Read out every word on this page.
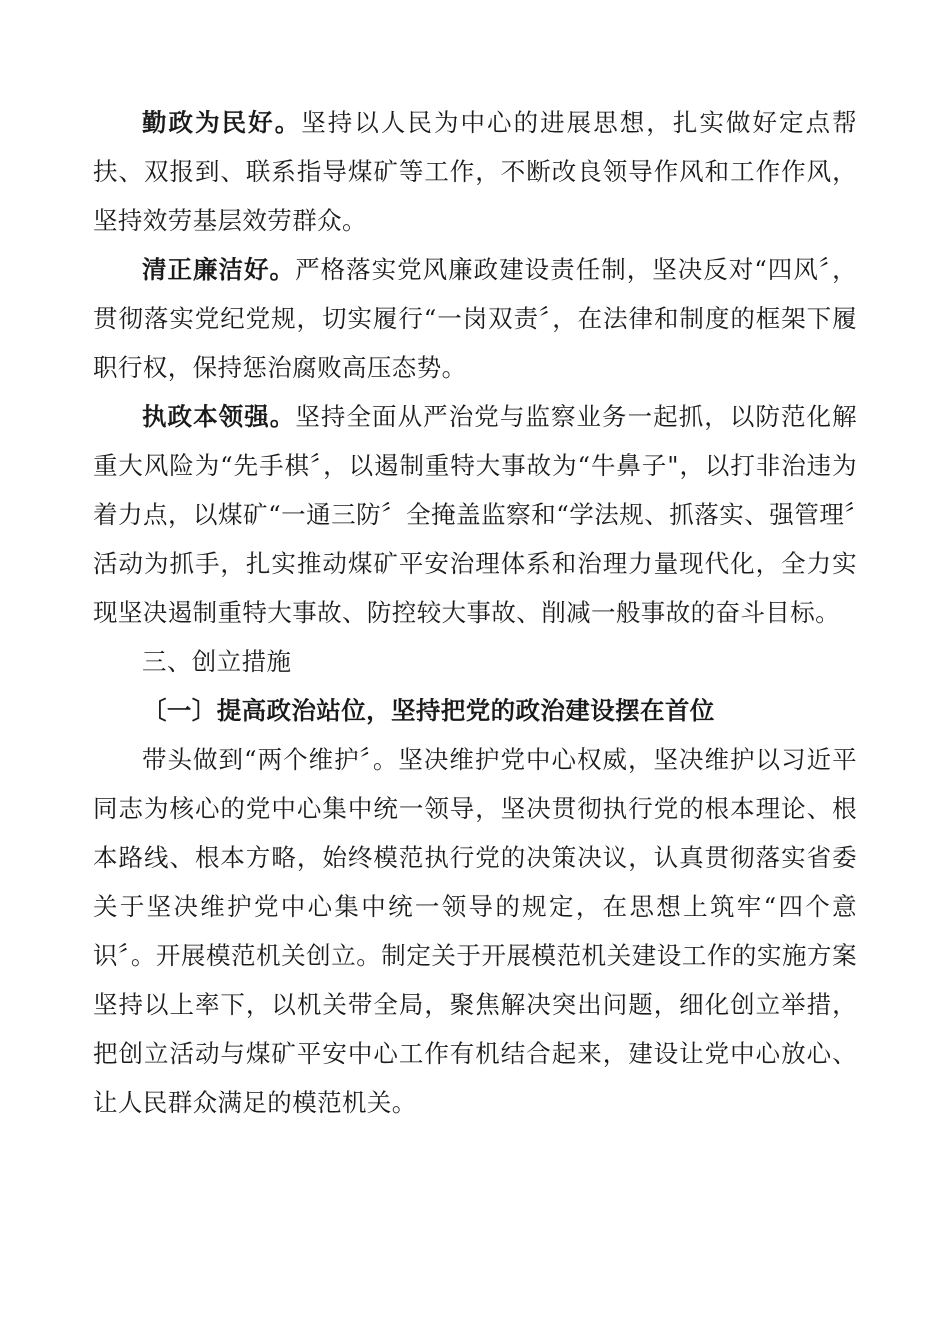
勤政为民好。坚持以人民为中心的进展思想，扎实做好定点帮扶、双报到、联系指导煤矿等工作，不断改良领导作风和工作作风，坚持效劳基层效劳群众。

清正廉洁好。严格落实党风廉政建设责任制，坚决反对“四风〞，贯彻落实党纪党规，切实履行“一岗双责〞，在法律和制度的框架下履职行权，保持惩治腐败高压态势。

执政本领强。坚持全面从严治党与监察业务一起抓，以防范化解重大风险为“先手棋〞，以遏制重特大事故为“牛鼻子"，以打非治违为着力点，以煤矿“一通三防〞全掩盖监察和“学法规、抓落实、强管理〞活动为抓手，扎实推动煤矿平安治理体系和治理力量现代化，全力实现坚决遏制重特大事故、防控较大事故、削减一般事故的奋斗目标。

三、创立措施

〔一〕提高政治站位，坚持把党的政治建设摆在首位

带头做到“两个维护〞。坚决维护党中心权威，坚决维护以习近平同志为核心的党中心集中统一领导，坚决贯彻执行党的根本理论、根本路线、根本方略，始终模范执行党的决策决议，认真贯彻落实省委关于坚决维护党中心集中统一领导的规定，在思想上筑牢“四个意识〞。开展模范机关创立。制定关于开展模范机关建设工作的实施方案坚持以上率下，以机关带全局，聚焦解决突出问题，细化创立举措，把创立活动与煤矿平安中心工作有机结合起来，建设让党中心放心、让人民群众满足的模范机关。
